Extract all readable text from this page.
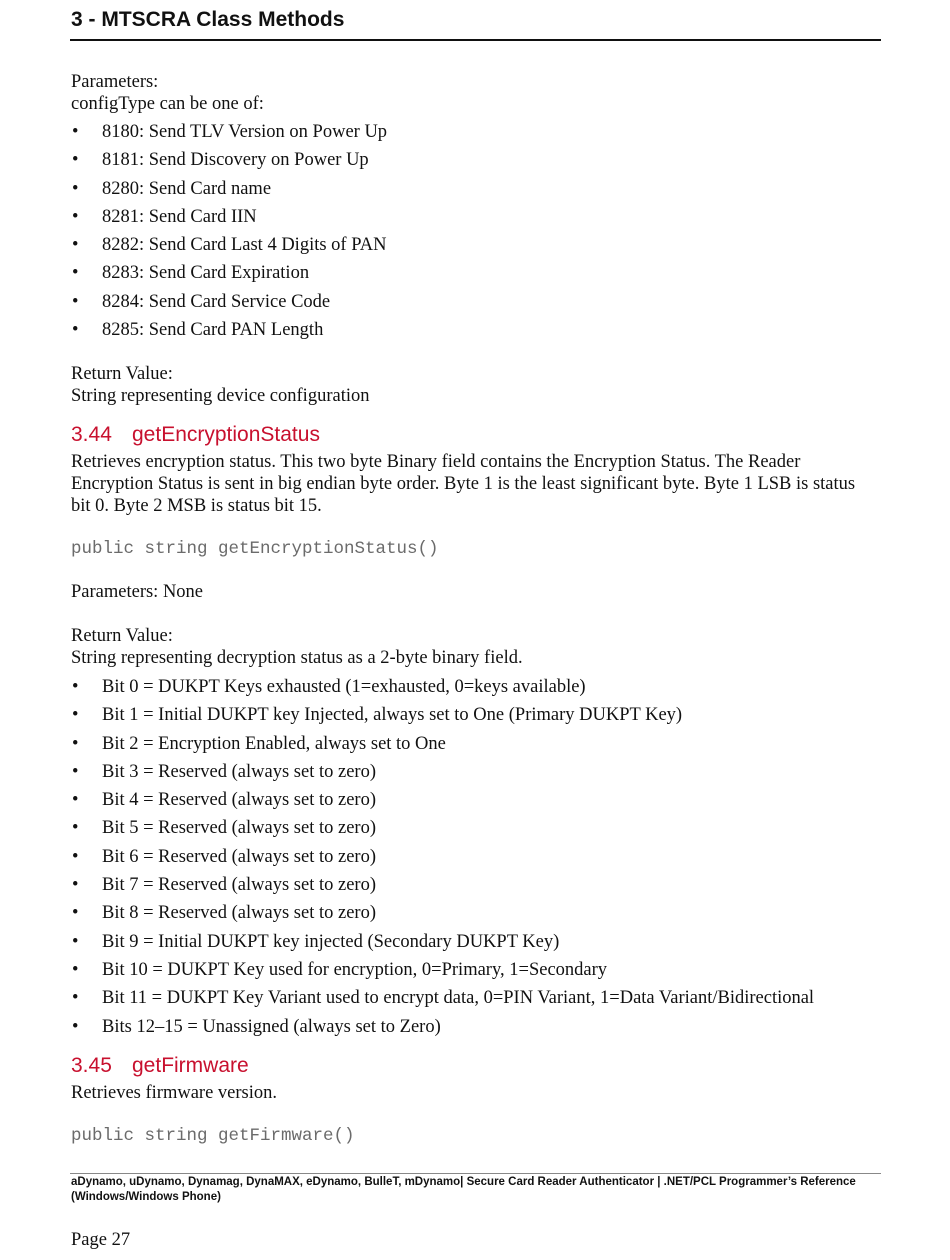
3 - MTSCRA Class Methods
Parameters:
configType can be one of:
• 8180: Send TLV Version on Power Up
• 8181: Send Discovery on Power Up
• 8280: Send Card name
• 8281: Send Card IIN
• 8282: Send Card Last 4 Digits of PAN
• 8283: Send Card Expiration
• 8284: Send Card Service Code
• 8285: Send Card PAN Length
Return Value:
String representing device configuration
3.44 getEncryptionStatus
Retrieves encryption status. This two byte Binary field contains the Encryption Status. The Reader Encryption Status is sent in big endian byte order. Byte 1 is the least significant byte. Byte 1 LSB is status bit 0. Byte 2 MSB is status bit 15.
public string getEncryptionStatus()
Parameters: None
Return Value:
String representing decryption status as a 2-byte binary field.
• Bit 0 = DUKPT Keys exhausted (1=exhausted, 0=keys available)
• Bit 1 = Initial DUKPT key Injected, always set to One (Primary DUKPT Key)
• Bit 2 = Encryption Enabled, always set to One
• Bit 3 = Reserved (always set to zero)
• Bit 4 = Reserved (always set to zero)
• Bit 5 = Reserved (always set to zero)
• Bit 6 = Reserved (always set to zero)
• Bit 7 = Reserved (always set to zero)
• Bit 8 = Reserved (always set to zero)
• Bit 9 = Initial DUKPT key injected (Secondary DUKPT Key)
• Bit 10 = DUKPT Key used for encryption, 0=Primary, 1=Secondary
• Bit 11 = DUKPT Key Variant used to encrypt data, 0=PIN Variant, 1=Data Variant/Bidirectional
• Bits 12–15 = Unassigned (always set to Zero)
3.45 getFirmware
Retrieves firmware version.
public string getFirmware()
aDynamo, uDynamo, Dynamag, DynaMAX, eDynamo, BulleT, mDynamo| Secure Card Reader Authenticator | .NET/PCL Programmer’s Reference (Windows/Windows Phone)
Page 27
